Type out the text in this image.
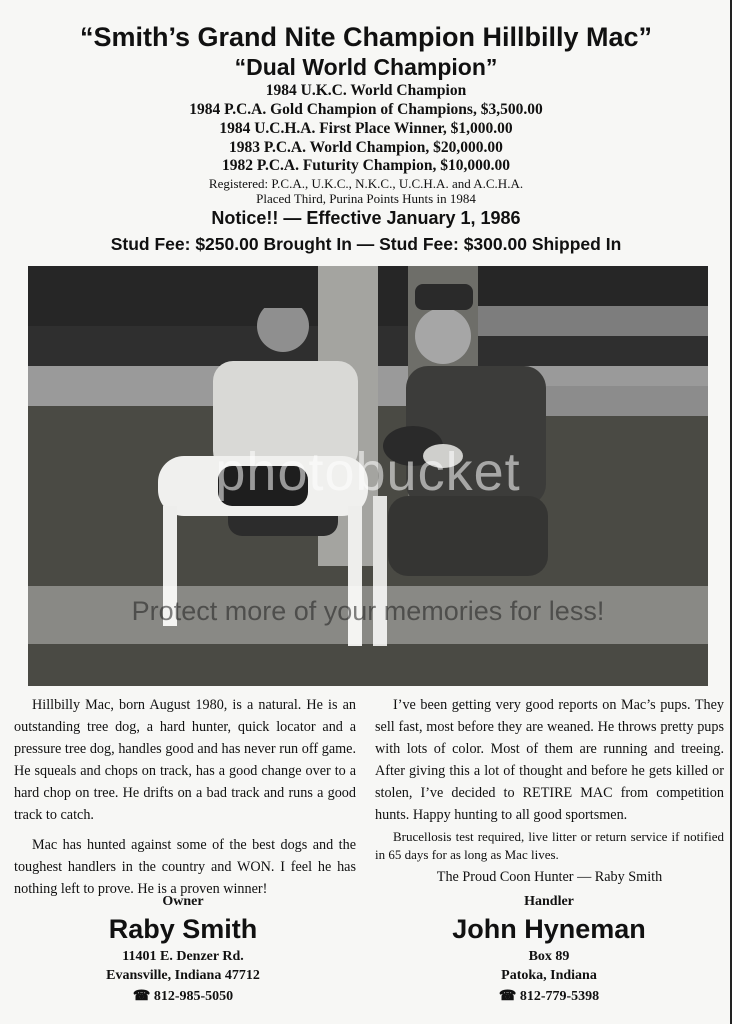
“Smith’s Grand Nite Champion Hillbilly Mac”
“Dual World Champion”
1984 U.K.C. World Champion
1984 P.C.A. Gold Champion of Champions, $3,500.00
1984 U.C.H.A. First Place Winner, $1,000.00
1983 P.C.A. World Champion, $20,000.00
1982 P.C.A. Futurity Champion, $10,000.00
Registered: P.C.A., U.K.C., N.K.C., U.C.H.A. and A.C.H.A.
Placed Third, Purina Points Hunts in 1984
Notice!! — Effective January 1, 1986
Stud Fee: $250.00 Brought In — Stud Fee: $300.00 Shipped In
photobucket
Protect more of your memories for less!

Hillbilly Mac, born August 1980, is a natural. He is an outstanding tree dog, a hard hunter, quick locator and a pressure tree dog, handles good and has never run off game. He squeals and chops on track, has a good change over to a hard chop on tree. He drifts on a bad track and runs a good track to catch.

Mac has hunted against some of the best dogs and the toughest handlers in the country and WON. I feel he has nothing left to prove. He is a proven winner!

I’ve been getting very good reports on Mac’s pups. They sell fast, most before they are weaned. He throws pretty pups with lots of color. Most of them are running and treeing. After giving this a lot of thought and before he gets killed or stolen, I’ve decided to RETIRE MAC from competition hunts. Happy hunting to all good sportsmen.

Brucellosis test required, live litter or return service if notified in 65 days for as long as Mac lives.

The Proud Coon Hunter — Raby Smith
Owner
Raby Smith
11401 E. Denzer Rd.
Evansville, Indiana 47712
☎ 812-985-5050
Handler
John Hyneman
Box 89
Patoka, Indiana
☎ 812-779-5398
